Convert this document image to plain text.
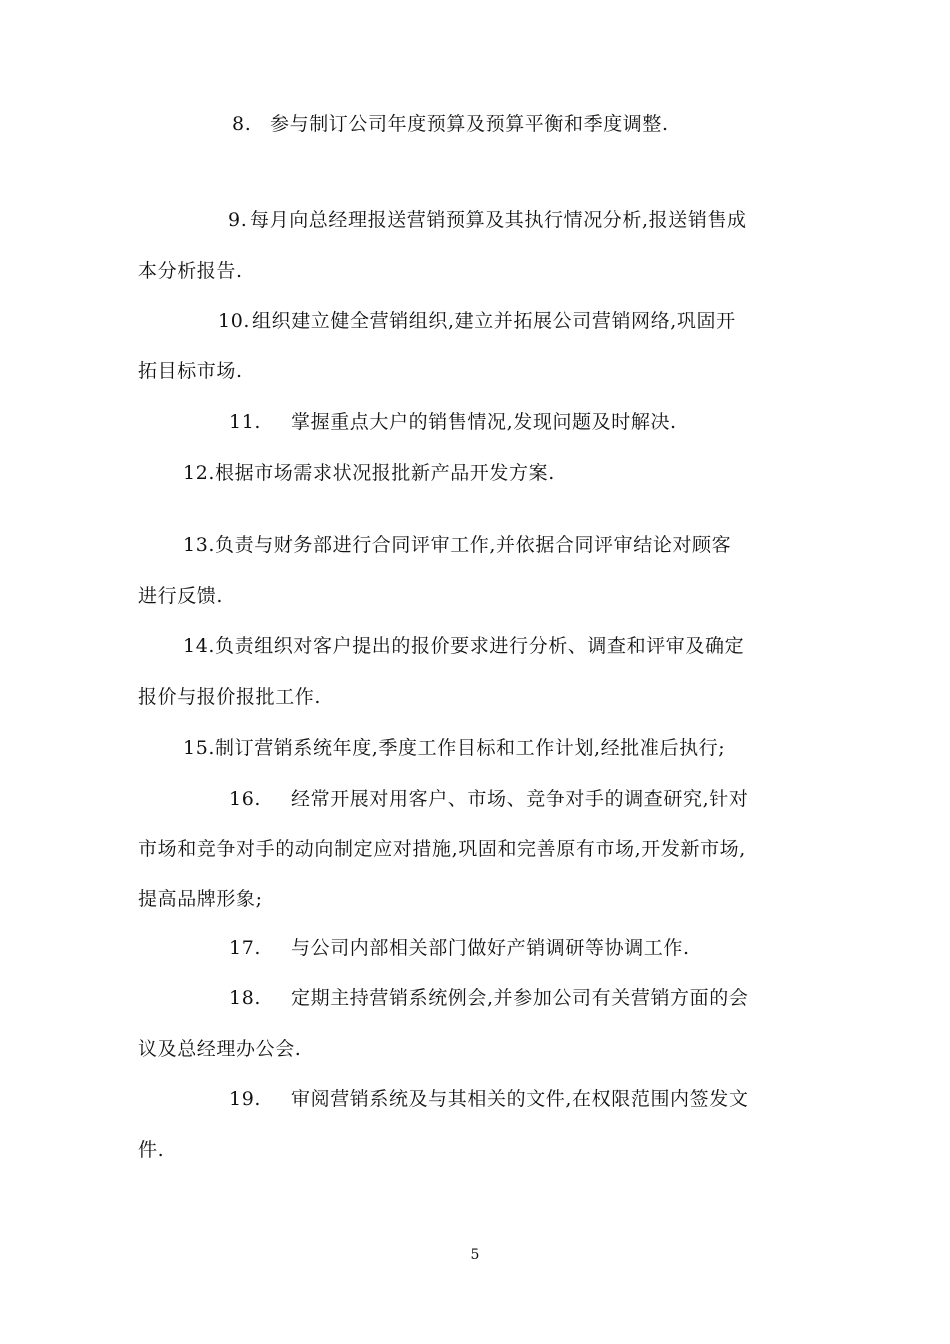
8. 参与制订公司年度预算及预算平衡和季度调整.
9. 每月向总经理报送营销预算及其执行情况分析,报送销售成
本分析报告.
10. 组织建立健全营销组织,建立并拓展公司营销网络,巩固开
拓目标市场.
11. 掌握重点大户的销售情况,发现问题及时解决.
12.根据市场需求状况报批新产品开发方案.
13.负责与财务部进行合同评审工作,并依据合同评审结论对顾客
进行反馈.
14.负责组织对客户提出的报价要求进行分析、调查和评审及确定
报价与报价报批工作.
15.制订营销系统年度,季度工作目标和工作计划,经批准后执行;
16. 经常开展对用客户、市场、竞争对手的调查研究,针对
市场和竞争对手的动向制定应对措施,巩固和完善原有市场,开发新市场,
提高品牌形象;
17. 与公司内部相关部门做好产销调研等协调工作.
18. 定期主持营销系统例会,并参加公司有关营销方面的会
议及总经理办公会.
19. 审阅营销系统及与其相关的文件,在权限范围内签发文
件.
5
